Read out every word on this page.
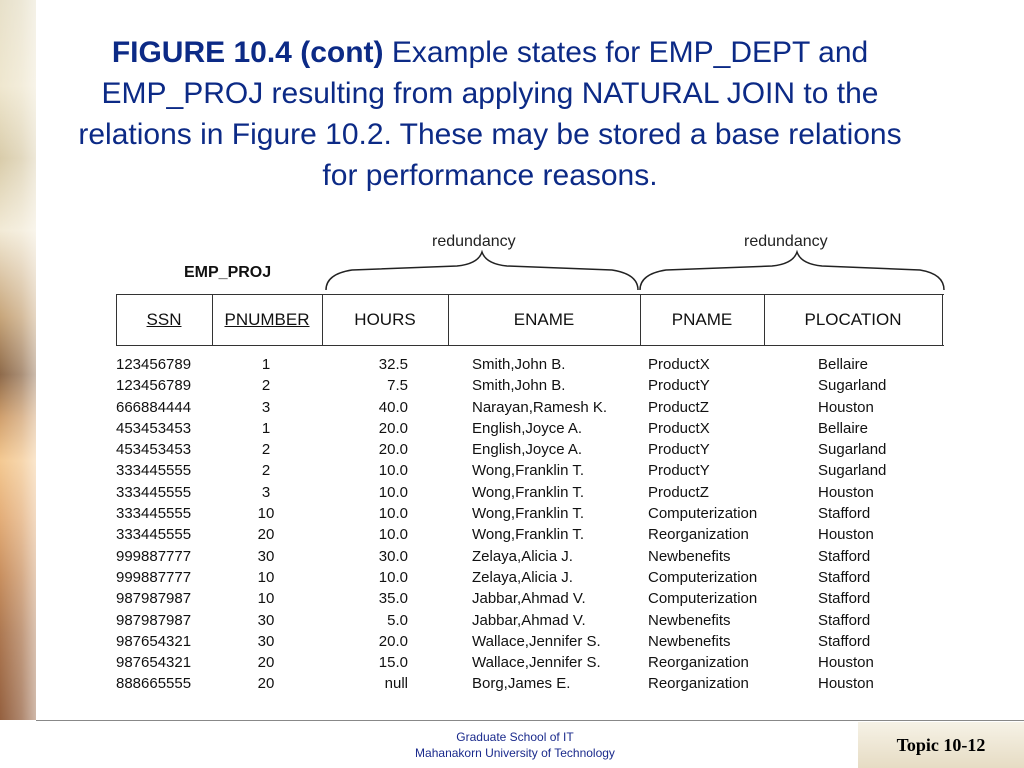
FIGURE 10.4 (cont) Example states for EMP_DEPT and EMP_PROJ resulting from applying NATURAL JOIN to the relations in Figure 10.2. These may be stored a base relations for performance reasons.
redundancy	redundancy
EMP_PROJ
SSN	PNUMBER	HOURS	ENAME	PNAME	PLOCATION
123456789	1	32.5	Smith,John B.	ProductX	Bellaire
123456789	2	7.5	Smith,John B.	ProductY	Sugarland
666884444	3	40.0	Narayan,Ramesh K.	ProductZ	Houston
453453453	1	20.0	English,Joyce A.	ProductX	Bellaire
453453453	2	20.0	English,Joyce A.	ProductY	Sugarland
333445555	2	10.0	Wong,Franklin T.	ProductY	Sugarland
333445555	3	10.0	Wong,Franklin T.	ProductZ	Houston
333445555	10	10.0	Wong,Franklin T.	Computerization	Stafford
333445555	20	10.0	Wong,Franklin T.	Reorganization	Houston
999887777	30	30.0	Zelaya,Alicia J.	Newbenefits	Stafford
999887777	10	10.0	Zelaya,Alicia J.	Computerization	Stafford
987987987	10	35.0	Jabbar,Ahmad V.	Computerization	Stafford
987987987	30	5.0	Jabbar,Ahmad V.	Newbenefits	Stafford
987654321	30	20.0	Wallace,Jennifer S.	Newbenefits	Stafford
987654321	20	15.0	Wallace,Jennifer S.	Reorganization	Houston
888665555	20	null	Borg,James E.	Reorganization	Houston
Graduate School of IT
Mahanakorn University of Technology	Topic 10-12
